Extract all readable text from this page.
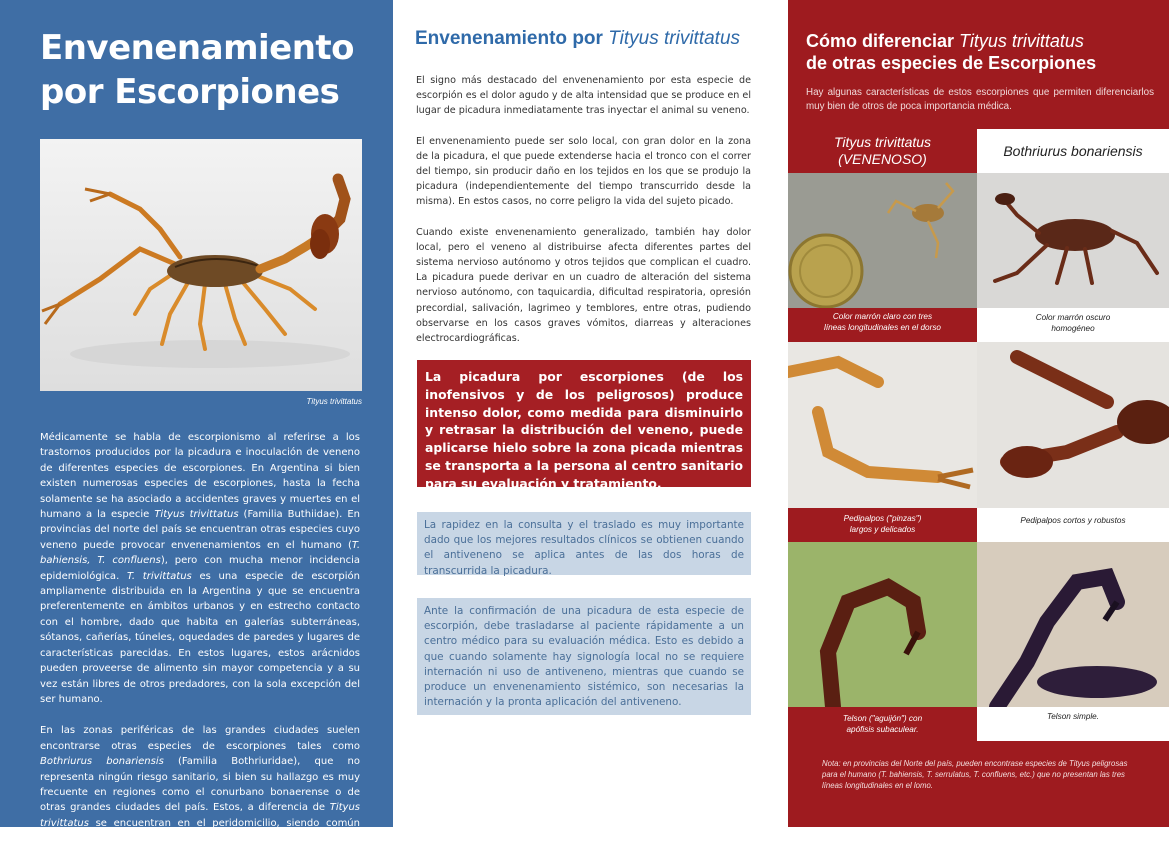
Envenenamiento por Escorpiones
Tityus trivittatus

Médicamente se habla de escorpionismo al referirse a los trastornos producidos por la picadura e inoculación de veneno de diferentes especies de escorpiones. En Argentina si bien existen numerosas especies de escorpiones, hasta la fecha solamente se ha asociado a accidentes graves y muertes en el humano a la especie Tityus trivittatus (Familia Buthiidae). En provincias del norte del país se encuentran otras especies cuyo veneno puede provocar envenenamientos en el humano (T. bahiensis, T. confluens), pero con mucha menor incidencia epidemiológica. T. trivittatus es una especie de escorpión ampliamente distribuida en la Argentina y que se encuentra preferentemente en ámbitos urbanos y en estrecho contacto con el hombre, dado que habita en galerías subterráneas, sótanos, cañerías, túneles, oquedades de paredes y lugares de características parecidas. En estos lugares, estos arácnidos pueden proveerse de alimento sin mayor competencia y a su vez están libres de otros predadores, con la sola excepción del ser humano.

En las zonas periféricas de las grandes ciudades suelen encontrarse otras especies de escorpiones tales como Bothriurus bonariensis (Familia Bothriuridae), que no representa ningún riesgo sanitario, si bien su hallazgo es muy frecuente en regiones como el conurbano bonaerense o de otras grandes ciudades del país. Estos, a diferencia de Tityus trivittatus se encuentran en el peridomicilio, siendo común encontrarlos en jardines sobre todo en los meses cálidos.

Envenenamiento por Tityus trivittatus

El signo más destacado del envenenamiento por esta especie de escorpión es el dolor agudo y de alta intensidad que se produce en el lugar de picadura inmediatamente tras inyectar el animal su veneno.

El envenenamiento puede ser solo local, con gran dolor en la zona de la picadura, el que puede extenderse hacia el tronco con el correr del tiempo, sin producir daño en los tejidos en los que se produjo la picadura (independientemente del tiempo transcurrido desde la misma). En estos casos, no corre peligro la vida del sujeto picado.

Cuando existe envenenamiento generalizado, también hay dolor local, pero el veneno al distribuirse afecta diferentes partes del sistema nervioso autónomo y otros tejidos que complican el cuadro. La picadura puede derivar en un cuadro de alteración del sistema nervioso autónomo, con taquicardia, dificultad respiratoria, opresión precordial, salivación, lagrimeo y temblores, entre otras, pudiendo observarse en los casos graves vómitos, diarreas y alteraciones electrocardiográficas.

La picadura por escorpiones (de los inofensivos y de los peligrosos) produce intenso dolor, como medida para disminuirlo y retrasar la distribución del veneno, puede aplicarse hielo sobre la zona picada mientras se transporta a la persona al centro sanitario para su evaluación y tratamiento.
La rapidez en la consulta y el traslado es muy importante dado que los mejores resultados clínicos se obtienen cuando el antiveneno se aplica antes de las dos horas de transcurrida la picadura.
Ante la confirmación de una picadura de esta especie de escorpión, debe trasladarse al paciente rápidamente a un centro médico para su evaluación médica. Esto es debido a que cuando solamente hay signología local no se requiere internación ni uso de antiveneno, mientras que cuando se produce un envenenamiento sistémico, son necesarias la internación y la pronta aplicación del antiveneno.
Cómo diferenciar Tityus trivittatus
de otras especies de Escorpiones
Hay algunas características de estos escorpiones que permiten diferenciarlos muy bien de otros de poca importancia médica.
Tityus trivittatus
(VENENOSO)	Bothriurus bonariensis
Color marrón claro con tres
líneas longitudinales en el dorso
Color marrón oscuro
homogéneo
Pedipalpos ("pinzas")
largos y delicados
Pedipalpos cortos y robustos
Telson ("aguijón") con
apófisis subaculear.
Telson simple.
Nota: en provincias del Norte del país, pueden encontrase especies de Tityus peligrosas para el humano (T. bahiensis, T. serrulatus, T. confluens, etc.) que no presentan las tres líneas longitudinales en el lomo.
